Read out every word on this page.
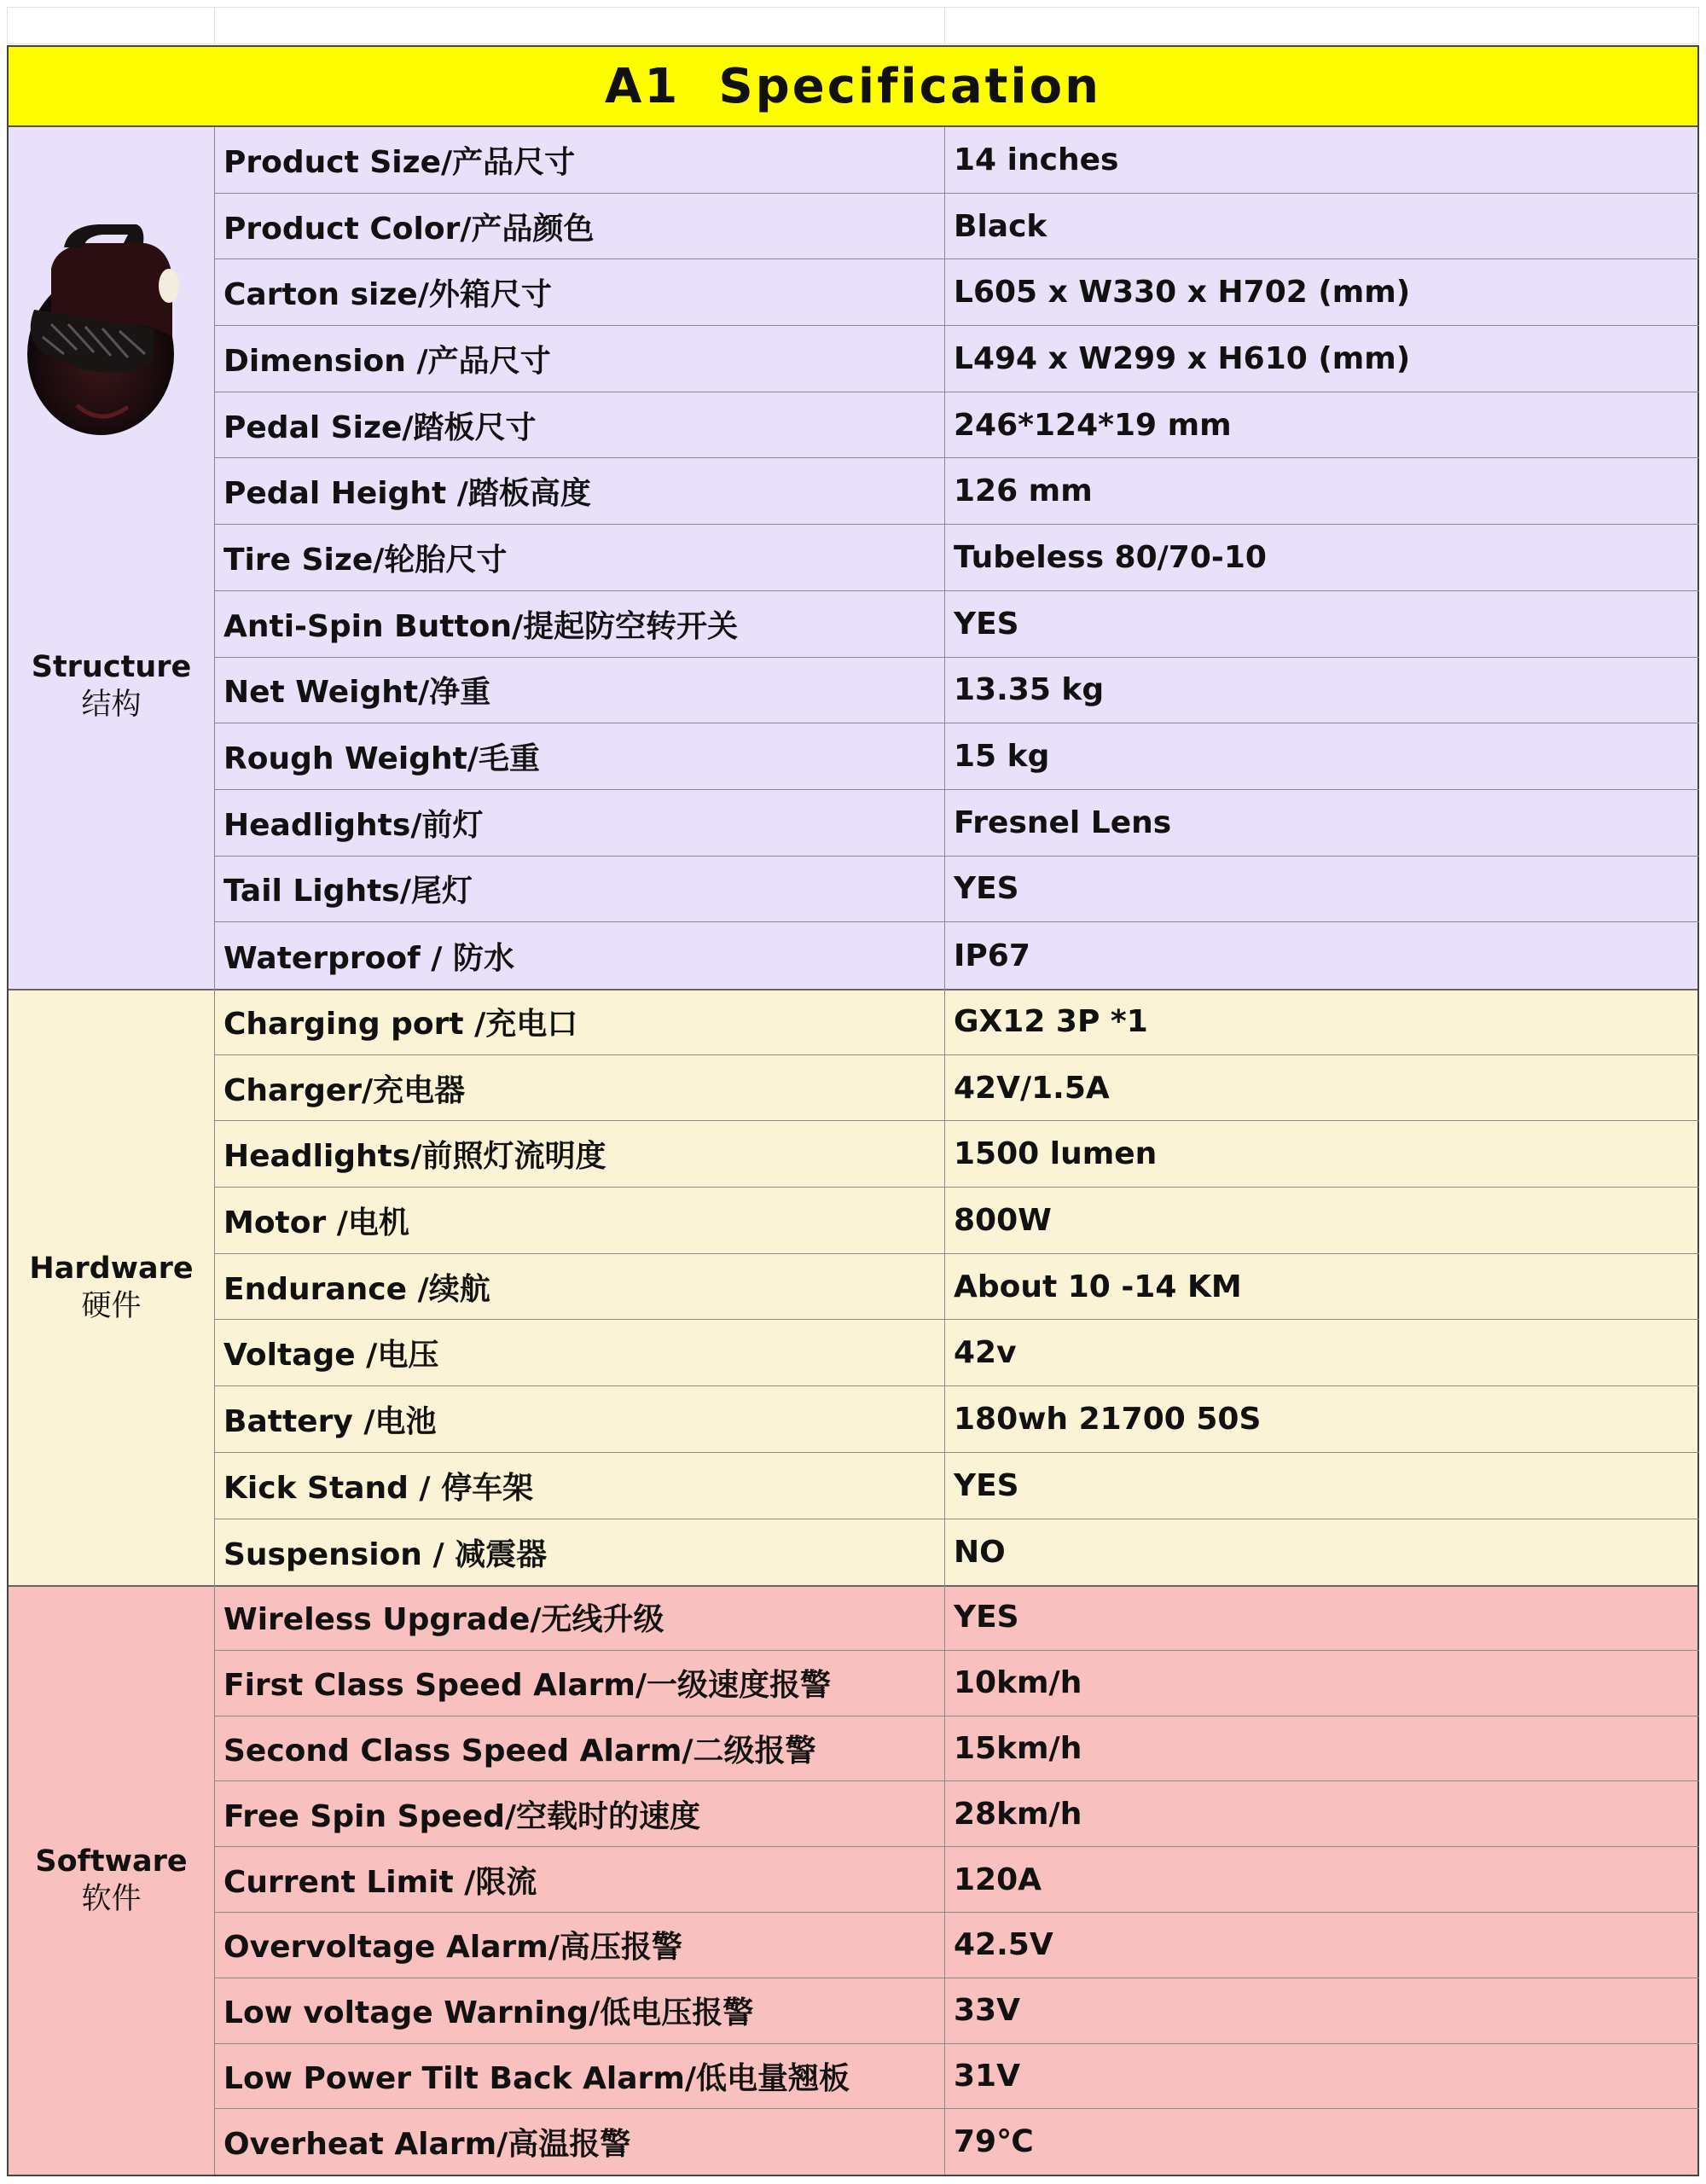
A1  Specification
Structure
结构
Product Size/产品尺寸	14 inches
Product Color/产品颜色	Black
Carton size/外箱尺寸	L605 x W330 x H702 (mm)
Dimension /产品尺寸	L494 x W299 x H610 (mm)
Pedal Size/踏板尺寸	246*124*19 mm
Pedal Height /踏板高度	126 mm
Tire Size/轮胎尺寸	Tubeless 80/70-10
Anti-Spin Button/提起防空转开关	YES
Net Weight/净重	13.35 kg
Rough Weight/毛重	15 kg
Headlights/前灯	Fresnel Lens
Tail Lights/尾灯	YES
Waterproof / 防水	IP67
Hardware
硬件
Charging port /充电口	GX12 3P *1
Charger/充电器	42V/1.5A
Headlights/前照灯流明度	1500 lumen
Motor /电机	800W
Endurance /续航	About 10 -14 KM
Voltage /电压	42v
Battery /电池	180wh 21700 50S
Kick Stand / 停车架	YES
Suspension / 减震器	NO
Software
软件
Wireless Upgrade/无线升级	YES
First Class Speed Alarm/一级速度报警	10km/h
Second Class Speed Alarm/二级报警	15km/h
Free Spin Speed/空载时的速度	28km/h
Current Limit /限流	120A
Overvoltage Alarm/高压报警	42.5V
Low voltage Warning/低电压报警	33V
Low Power Tilt Back Alarm/低电量翘板	31V
Overheat Alarm/高温报警	79℃
